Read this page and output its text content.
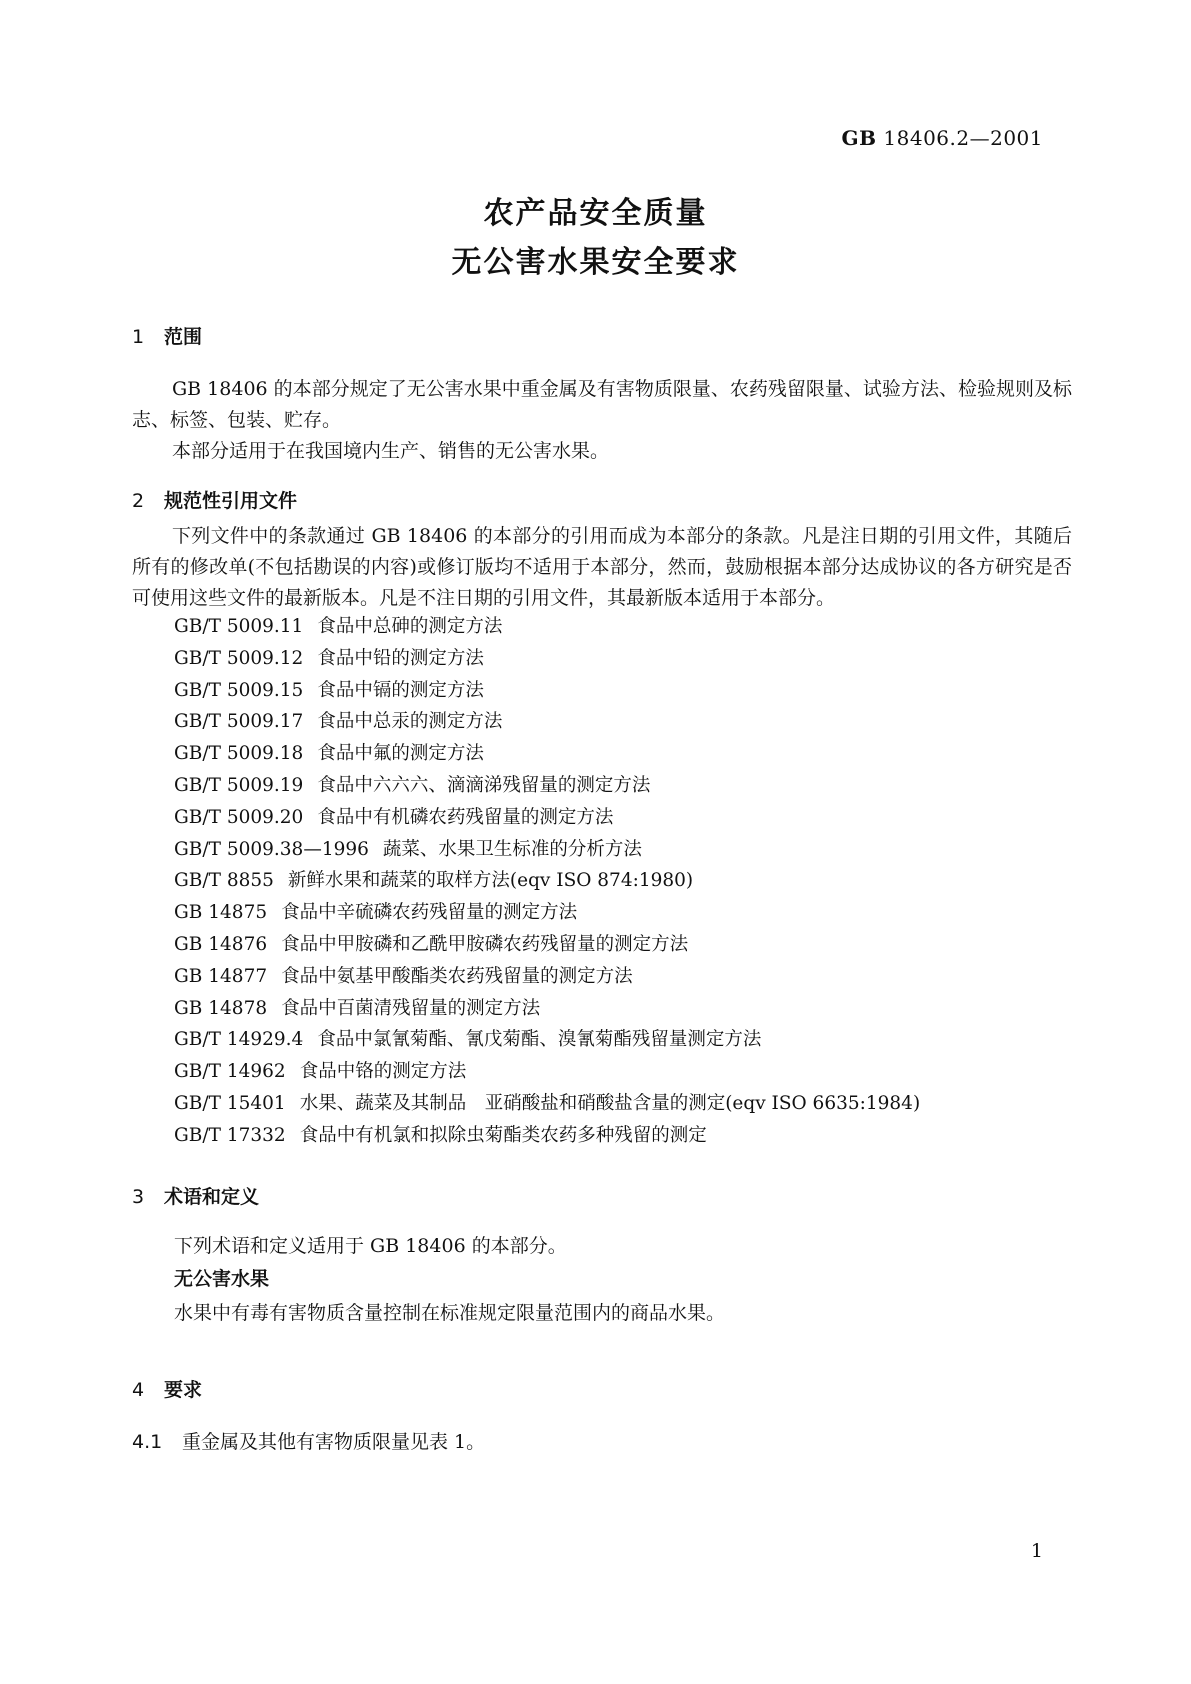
GB 18406.2—2001
农产品安全质量
无公害水果安全要求
1 范围
GB 18406 的本部分规定了无公害水果中重金属及有害物质限量、农药残留限量、试验方法、检验规则及标志、标签、包装、贮存。
本部分适用于在我国境内生产、销售的无公害水果。
2 规范性引用文件
下列文件中的条款通过 GB 18406 的本部分的引用而成为本部分的条款。凡是注日期的引用文件，其随后所有的修改单(不包括勘误的内容)或修订版均不适用于本部分，然而，鼓励根据本部分达成协议的各方研究是否可使用这些文件的最新版本。凡是不注日期的引用文件，其最新版本适用于本部分。
GB/T 5009.11 食品中总砷的测定方法
GB/T 5009.12 食品中铅的测定方法
GB/T 5009.15 食品中镉的测定方法
GB/T 5009.17 食品中总汞的测定方法
GB/T 5009.18 食品中氟的测定方法
GB/T 5009.19 食品中六六六、滴滴涕残留量的测定方法
GB/T 5009.20 食品中有机磷农药残留量的测定方法
GB/T 5009.38—1996 蔬菜、水果卫生标准的分析方法
GB/T 8855 新鲜水果和蔬菜的取样方法(eqv ISO 874:1980)
GB 14875 食品中辛硫磷农药残留量的测定方法
GB 14876 食品中甲胺磷和乙酰甲胺磷农药残留量的测定方法
GB 14877 食品中氨基甲酸酯类农药残留量的测定方法
GB 14878 食品中百菌清残留量的测定方法
GB/T 14929.4 食品中氯氰菊酯、氰戊菊酯、溴氰菊酯残留量测定方法
GB/T 14962 食品中铬的测定方法
GB/T 15401 水果、蔬菜及其制品　亚硝酸盐和硝酸盐含量的测定(eqv ISO 6635:1984)
GB/T 17332 食品中有机氯和拟除虫菊酯类农药多种残留的测定
3 术语和定义
下列术语和定义适用于 GB 18406 的本部分。
无公害水果
水果中有毒有害物质含量控制在标准规定限量范围内的商品水果。
4 要求
4.1 重金属及其他有害物质限量见表 1。
1
